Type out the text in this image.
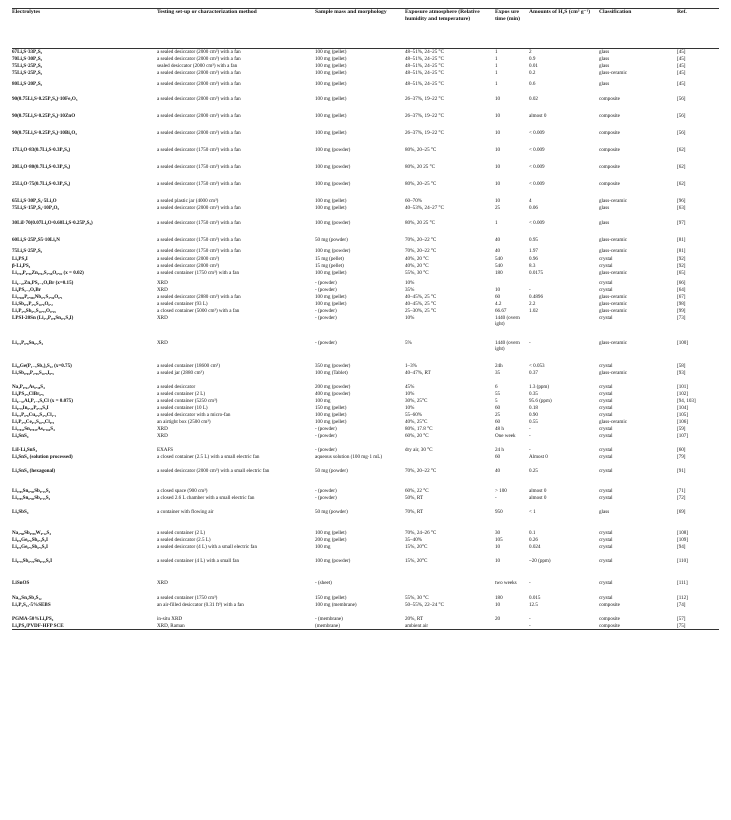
Electrolytes	Testing set-up or characterization method	Sample mass and morphology	Exposure atmosphere (Relative humidity and temperature)	Expos ure time (min)	Amounts of H₂S (cm³ g⁻¹)	Classification	Ref.
67Li₂S·33P₂S₅	a sealed desiccator (2000 cm³) with a fan	100 mg (pellet)	48–51%, 24–25 °C	1	2	glass	[45]
70Li₂S·30P₂S₅	a sealed desiccator (2000 cm³) with a fan	100 mg (pellet)	48–51%, 24–25 °C	1	0.9	glass	[45]
75Li₂S·25P₂S₅	sealed desiccator (2000 cm³) with a fan	100 mg (pellet)	48–51%, 24–25 °C	1	0.01	glass	[45]
75Li₂S·25P₂S₅	a sealed desiccator (2000 cm³) with a fan	100 mg (pellet)	48–51%, 24–25 °C	1	0.2	glass-ceramic	[45]
80Li₂S·20P₂S₅	a sealed desiccator (2000 cm³) with a fan	100 mg (pellet)	48–51%, 24–25 °C	1	0.6	glass	[45]
90(0.75Li₂S·0.25P₂S₅)·10Fe₂O₃	a sealed desiccator (2000 cm³) with a fan	100 mg (pellet)	26–37%, 19–22 °C	10	0.02	composite	[56]
90(0.75Li₂S·0.25P₂S₅)·10ZnO	a sealed desiccator (2000 cm³) with a fan	100 mg (pellet)	26–37%, 19–22 °C	10	almost 0	composite	[56]
90(0.75Li₂S·0.25P₂S₅)·10Bi₂O₃	a sealed desiccator (2000 cm³) with a fan	100 mg (pellet)	26–37%, 19–22 °C	10	< 0.009	composite	[56]
17Li₂O·83(0.7Li₂S·0.3P₂S₅)	a sealed desiccator (1750 cm³) with a fan	100 mg (powder)	80%, 20–25 °C	10	< 0.009	composite	[62]
20Li₂O·80(0.7Li₂S·0.3P₂S₅)	a sealed desiccator (1750 cm³) with a fan	100 mg (powder)	80%, 20 25 °C	10	< 0.009	composite	[62]
25Li₂O·75(0.7Li₂S·0.3P₂S₅)	a sealed desiccator (1750 cm³) with a fan	100 mg (powder)	80%, 20–25 °C	10	< 0.009	composite	[62]
65Li₂S·30P₂S₅·5Li₂O	a sealed plastic jar (4000 cm³)	100 mg (pellet)	60–70%	10	4	glass-ceramic	[96]
75Li₂S·15P₂S₅·10P₂O₅	a sealed desiccator (2000 cm³) with a fan	100 mg (pellet)	40–53%, 24–27 °C	25	0.06	glass	[63]
30LiI·70(0.07Li₂O·0.68Li₂S·0.25P₂S₅)	a sealed desiccator (1750 cm³) with a fan	100 mg (powder)	80%, 20 25 °C	1	< 0.009	glass	[97]
60Li₂S·25P₂S5·10Li₃N	a sealed desiccator (1750 cm³) with a fan	50 mg (powder)	70%, 20–22 °C	40	0.95	glass-ceramic	[81]
75Li₂S·25P₂S₅	a sealed desiccator (1750 cm³) with a fan	100 mg (powder)	70%, 20–22 °C	40	1.97	glass-ceramic	[81]
Li₃PS₄I	a sealed desiccator (2000 cm³)	15 mg (pellet)	40%, 20 °C	540	0.96	crystal	[92]
β-Li₃PS₄	a sealed desiccator (2000 cm³)	15 mg (pellet)	40%, 20 °C	540	8.3	crystal	[92]
Li₃.₀₄P₀.₉₆Zn₀.₀₂S₃.₉₈O₀.₀₂ (x = 0.02)	a sealed container (1750 cm³) with a fan	100 mg (pellet)	55%, 30 °C	180	0.0175	glass-ceramic	[65]
Li₆₋₂ₓZnₓPS₅₋ₓOₓBr (x=0.15)	XRD	- (powder)	10%			crystal	[66]
Li₆PS₅₋ₓOₓBr	XRD	- (powder)	35%	10	-	crystal	[64]
Li₃.₉₀₀P₀.₉₀₀Nb₀.₁S₃.₉₀O₀.₁	a sealed desiccator (2880 cm³) with a fan	100 mg (pellet)	40–45%, 25 °C	60	0.4896	glass-ceramic	[67]
Li₇Sb₀.₄P₂.₆S₁₀.₉O₀.₂	a sealed container (93 L)	100 mg (pellet)	40–45%, 25 °C	4.2	2.2	glass-ceramic	[98]
Li₇P₂.₉Sb₀.₁S₁₀.₇₅O₀.₂₅	a closed container (5000 cm³) with a fan	- (powder)	25–30%, 25 °C	66.67	1.02	glass-ceramic	[99]
LPSI-20Sn (Li₃.₂P₀.₈Sn₀.₂S₄I)	XRD	- (powder)	10%	1440 (overn ight)		crystal	[73]
Li₃.₂P₀.₈Sn₀.₂S₄	XRD	- (powder)	5%	1440 (overn ight)	-	glass-ceramic	[100]
Li₁₀Ge(P₁₋ₓSbₓ)₂S₁₂ (x=0.75)	a sealed container (18600 cm³)	350 mg (powder)	1–3%	24h	< 0.053	crystal	[58]
Li₇Sb₀.₀₅P₂.₉₅S₁₀.₅I₀.₅	a sealed jar (2880 cm³)	100 mg (Tablet)	40–47%, RT	35	0.37	glass-ceramic	[93]
Na₃P₀.₆₂As₀.₃₈S₄	a sealed desiccator	200 mg (powder)	45%	6	1.3 (ppm)	crystal	[101]
Li₆PS₄.₅ClBr₀.₅	a sealed container (2 L)	400 mg (powder)	10%	55	0.35	crystal	[102]
Li₆₋₃ₓAlₓP₁₋ₓS₅Cl (x = 0.075)	a sealed container (5250 cm³)	100 mg	30%, 25°C	5	95.6 (ppm)	crystal	[94, 103]
Li₆.₇₅In₀.₂₅P₀.₇₅S₅I	a sealed container (10 L)	150 mg (pellet)	10%	60	0.18	crystal	[104]
Li₅.₃P₀.₈Cu₀.₂S₄.₄Cl₁.₁	a sealed desiccator with a micro-fan	100 mg (pellet)	55–60%	25	0.90	crystal	[105]
Li₇P₂.₉Ce₀.₂S₁₀.₉Cl₀.₃	an airtight box (2500 cm³)	100 mg (pellet)	40%, 25°C	60	0.55	glass-ceramic	[106]
Li₃.₈₃₃Sn₀.₈₃₃As₀.₁₆₆S₄	XRD	- (powder)	80%, 17.8 °C	48 h	-	crystal	[59]
Li₄SnS₄	XRD	- (powder)	60%, 20 °C	One week	-	crystal	[107]
LiI-Li₄SnS₄	EXAFS	- (powder)	dry air, 30 °C	24 h	-	crystal	[60]
Li₄SnS₄ (solution processed)	a closed container (2.5 L) with a small electric fan	aqueous solution (100 mg·1 mL)		60	Almost 0	crystal	[79]
Li₄SnS₄ (hexagonal)	a sealed desiccator (2000 cm³) with a small electric fan	50 mg (powder)	70%, 20–22 °C	40	0.25	crystal	[91]
Li₃.₈₅Sn₀.₈₅Sb₀.₁₅S₄	a closed space (900 cm³)	- (powder)	60%, 22 °C	> 100	almost 0	crystal	[71]
Li₃.₈₅Sn₀.₈₅Sb₀.₁₅S₄	a closed 2.6 L chamber with a small electric fan	- (powder)	50%, RT	-	almost 0	crystal	[72]
Li₃SbS₄	a container with flowing air	50 mg (powder)	70%, RT	950	< 1	glass	[69]
Na₂.₈₈Sb₀.₈₈W₀.₁₂S₄	a sealed container (2 L)	100 mg (pellet)	70%, 24–26 °C	30	0.1	crystal	[108]
Li₆.₆Ge₀.₆Sb₀.₄S₅I	a sealed desiccator (2.5 L)	200 mg (pellet)	35–40%	105	0.26	crystal	[109]
Li₆.₅Ge₀.₅Sb₀.₅S₅I	a sealed desiccator (4 L) with a small electric fan	100 mg	15%, 20°C	10	0.024	crystal	[94]
Li₆.₇₅Sb₀.₇₅Sn₀.₂₅S₅I	a sealed container (4 L) with a small fan	100 mg (powder)	15%, 20°C	10	~20 (ppm)	crystal	[110]
LiSnOS	XRD	- (sheet)		two weeks	-	crystal	[111]
Na₁₁Sn₂Sb₂S₁₂	a sealed container (1750 cm³)	150 mg (pellet)	55%, 30 °C	180	0.015	crystal	[112]
Li₇P₃S₁₁-5%SEBS	an air-filled desiccator (0.31 ft³) with a fan	100 mg (membrane)	50–55%, 22–24 °C	10	12.5	composite	[74]
PGMA-50%Li₃PS₄	in-situ XRD	- (membrane)	20%, RT	20	-	composite	[57]
Li₃PS₄/PVDF-HFP SCE	XRD, Raman	(membrane)	ambient air		-	composite	[75]
